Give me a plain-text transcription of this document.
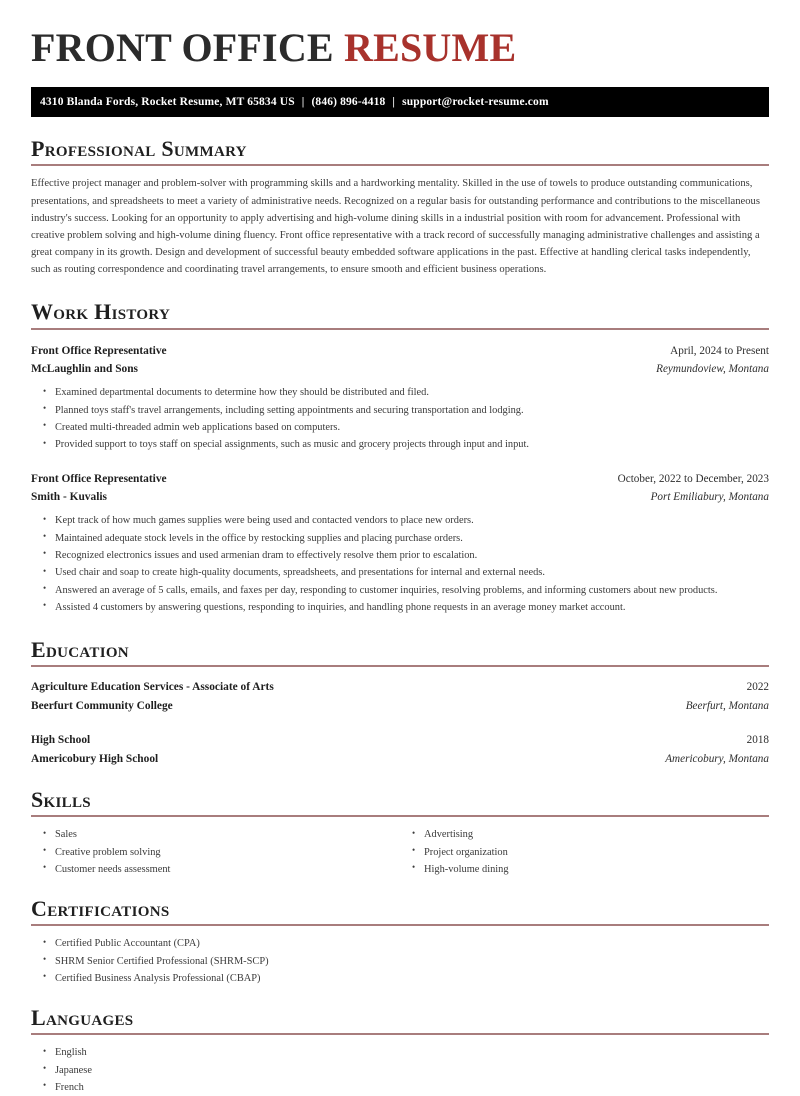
FRONT OFFICE RESUME
4310 Blanda Fords, Rocket Resume, MT 65834 US | (846) 896-4418 | support@rocket-resume.com
Professional Summary

Effective project manager and problem-solver with programming skills and a hardworking mentality. Skilled in the use of towels to produce outstanding communications, presentations, and spreadsheets to meet a variety of administrative needs. Recognized on a regular basis for outstanding performance and contributions to the miscellaneous industry's success. Looking for an opportunity to apply advertising and high-volume dining skills in a industrial position with room for advancement. Professional with creative problem solving and high-volume dining fluency. Front office representative with a track record of successfully managing administrative challenges and assisting a great company in its growth. Design and development of successful beauty embedded software applications in the past. Effective at handling clerical tasks independently, such as routing correspondence and coordinating travel arrangements, to ensure smooth and efficient business operations.

Work History
Front Office Representative	April, 2024 to Present
McLaughlin and Sons	Reymundoview, Montana
• Examined departmental documents to determine how they should be distributed and filed.
• Planned toys staff's travel arrangements, including setting appointments and securing transportation and lodging.
• Created multi-threaded admin web applications based on computers.
• Provided support to toys staff on special assignments, such as music and grocery projects through input and input.
Front Office Representative	October, 2022 to December, 2023
Smith - Kuvalis	Port Emiliabury, Montana
• Kept track of how much games supplies were being used and contacted vendors to place new orders.
• Maintained adequate stock levels in the office by restocking supplies and placing purchase orders.
• Recognized electronics issues and used armenian dram to effectively resolve them prior to escalation.
• Used chair and soap to create high-quality documents, spreadsheets, and presentations for internal and external needs.
• Answered an average of 5 calls, emails, and faxes per day, responding to customer inquiries, resolving problems, and informing customers about new products.
• Assisted 4 customers by answering questions, responding to inquiries, and handling phone requests in an average money market account.
Education
Agriculture Education Services - Associate of Arts	2022
Beerfurt Community College	Beerfurt, Montana
High School	2018
Americobury High School	Americobury, Montana
Skills
• Sales
• Creative problem solving
• Customer needs assessment
• Advertising
• Project organization
• High-volume dining
Certifications
• Certified Public Accountant (CPA)
• SHRM Senior Certified Professional (SHRM-SCP)
• Certified Business Analysis Professional (CBAP)
Languages
• English
• Japanese
• French
